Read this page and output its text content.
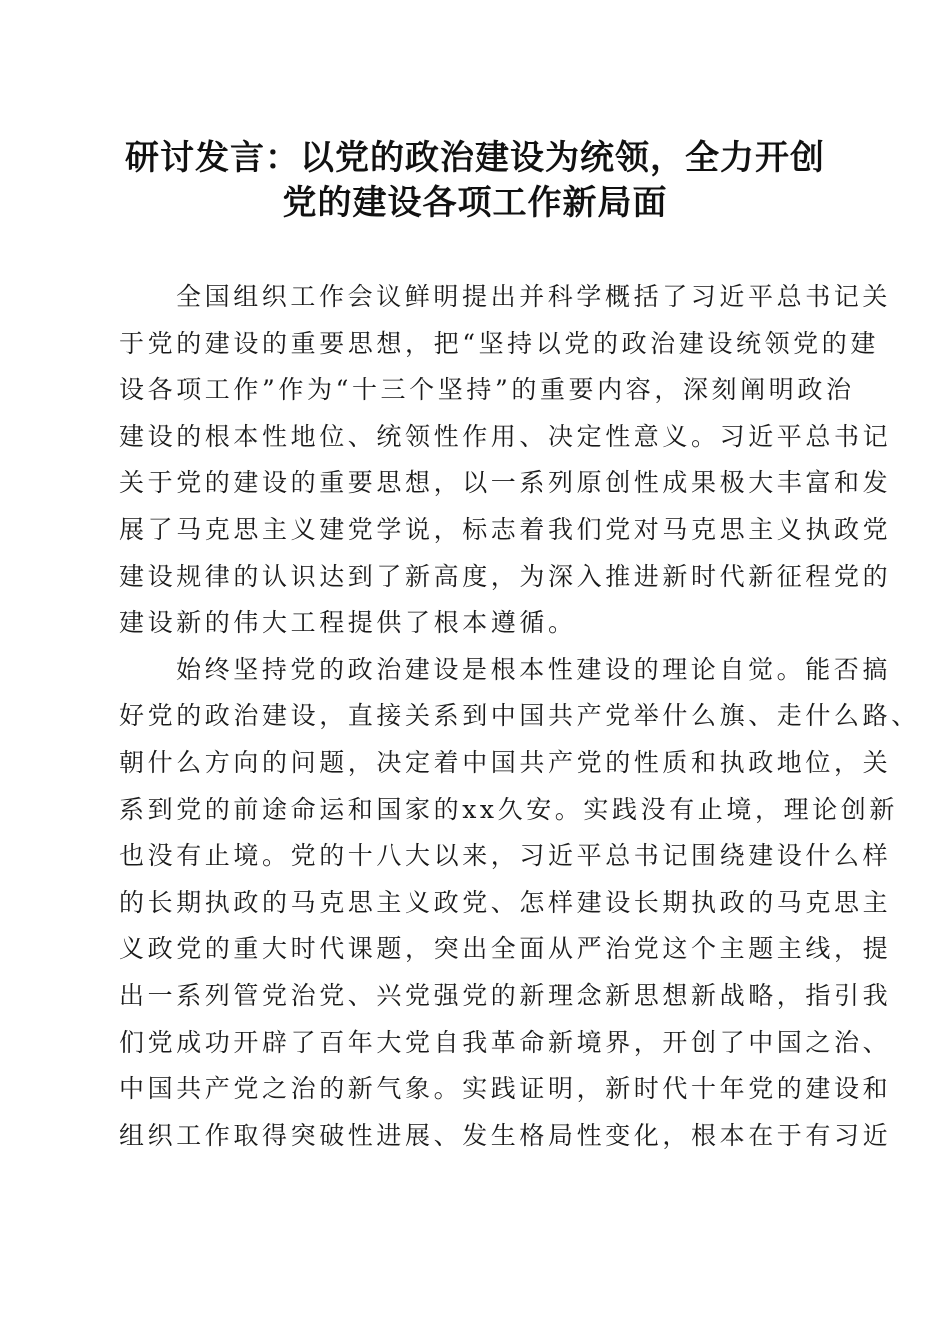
研讨发言：以党的政治建设为统领，全力开创
党的建设各项工作新局面
全国组织工作会议鲜明提出并科学概括了习近平总书记关
于党的建设的重要思想，把“坚持以党的政治建设统领党的建
设各项工作”作为“十三个坚持”的重要内容，深刻阐明政治
建设的根本性地位、统领性作用、决定性意义。习近平总书记
关于党的建设的重要思想，以一系列原创性成果极大丰富和发
展了马克思主义建党学说，标志着我们党对马克思主义执政党
建设规律的认识达到了新高度，为深入推进新时代新征程党的
建设新的伟大工程提供了根本遵循。
始终坚持党的政治建设是根本性建设的理论自觉。能否搞
好党的政治建设，直接关系到中国共产党举什么旗、走什么路、
朝什么方向的问题，决定着中国共产党的性质和执政地位，关
系到党的前途命运和国家的xx久安。实践没有止境，理论创新
也没有止境。党的十八大以来，习近平总书记围绕建设什么样
的长期执政的马克思主义政党、怎样建设长期执政的马克思主
义政党的重大时代课题，突出全面从严治党这个主题主线，提
出一系列管党治党、兴党强党的新理念新思想新战略，指引我
们党成功开辟了百年大党自我革命新境界，开创了中国之治、
中国共产党之治的新气象。实践证明，新时代十年党的建设和
组织工作取得突破性进展、发生格局性变化，根本在于有习近
